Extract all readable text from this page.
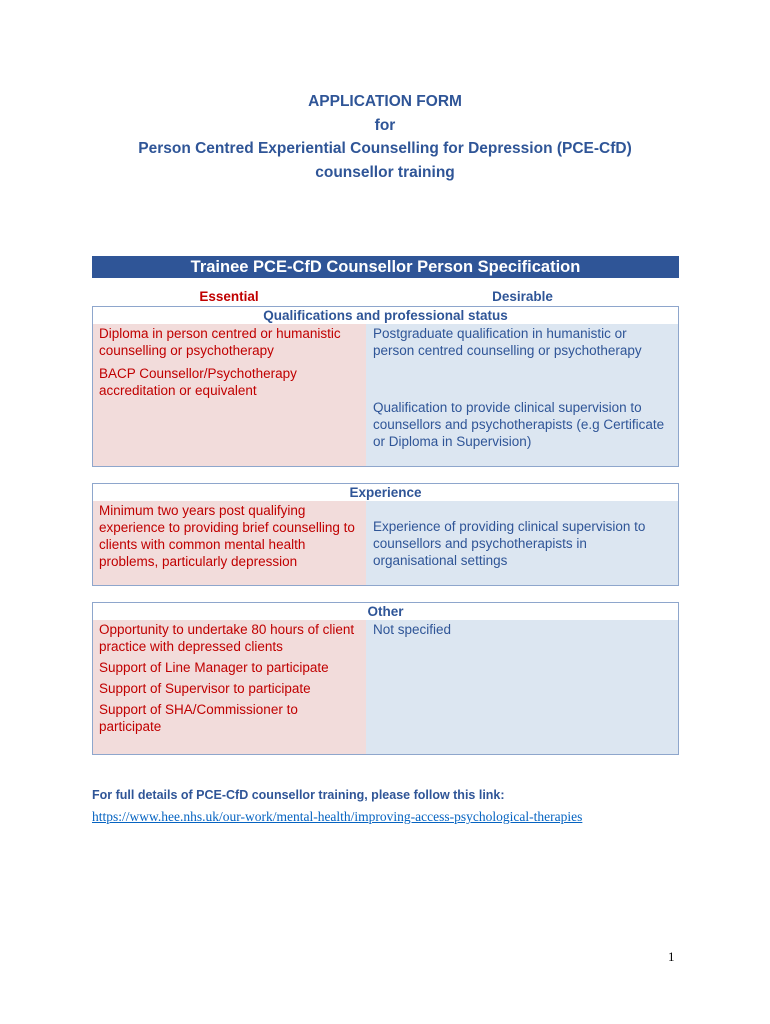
APPLICATION FORM
for
Person Centred Experiential Counselling for Depression (PCE-CfD)
counsellor training
Trainee PCE-CfD Counsellor Person Specification
Essential	Desirable
Qualifications and professional status

Diploma in person centred or humanistic counselling or psychotherapy

BACP Counsellor/Psychotherapy accreditation or equivalent

Postgraduate qualification in humanistic or person centred counselling or psychotherapy

Qualification to provide clinical supervision to counsellors and psychotherapists (e.g Certificate or Diploma in Supervision)

Experience

Minimum two years post qualifying experience to providing brief counselling to clients with common mental health problems, particularly depression

Experience of providing clinical supervision to counsellors and psychotherapists in organisational settings

Other

Opportunity to undertake 80 hours of client practice with depressed clients

Support of Line Manager to participate

Support of Supervisor to participate

Support of SHA/Commissioner to participate

Not specified

For full details of PCE-CfD counsellor training, please follow this link:
https://www.hee.nhs.uk/our-work/mental-health/improving-access-psychological-therapies
1
